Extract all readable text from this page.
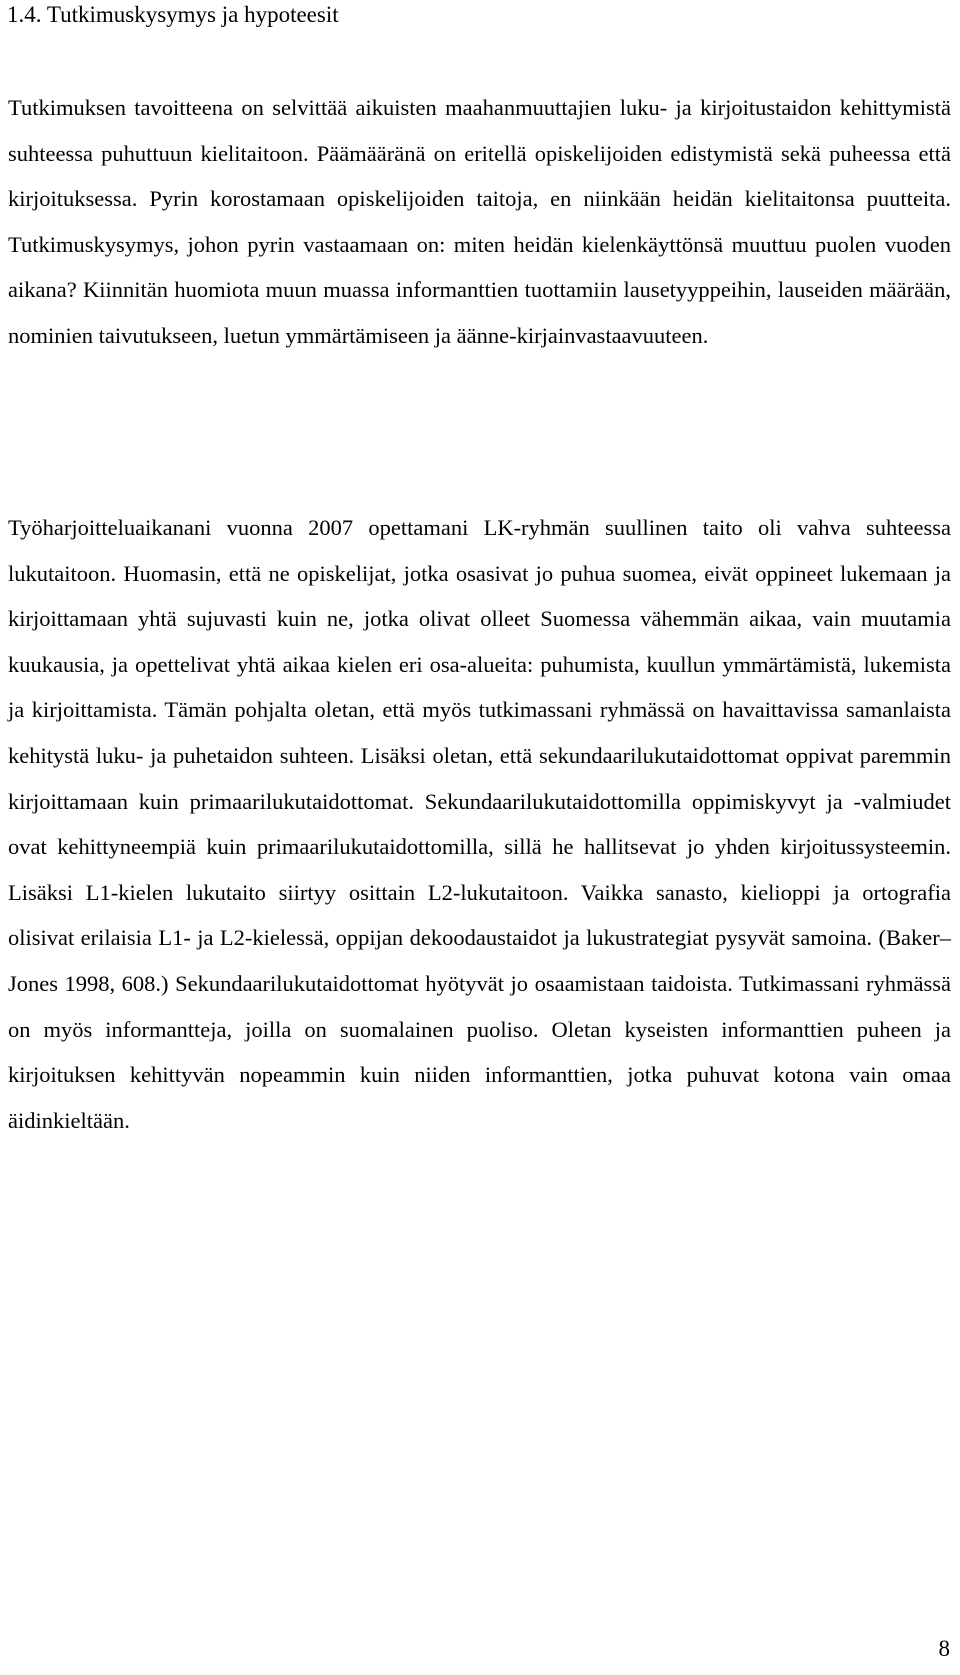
1.4. Tutkimuskysymys ja hypoteesit

Tutkimuksen tavoitteena on selvittää aikuisten maahanmuuttajien luku- ja kirjoitustaidon kehittymistä suhteessa puhuttuun kielitaitoon. Päämääränä on eritellä opiskelijoiden edistymistä sekä puheessa että kirjoituksessa. Pyrin korostamaan opiskelijoiden taitoja, en niinkään heidän kielitaitonsa puutteita. Tutkimuskysymys, johon pyrin vastaamaan on: miten heidän kielenkäyttönsä muuttuu puolen vuoden aikana? Kiinnitän huomiota muun muassa informanttien tuottamiin lausetyyppeihin, lauseiden määrään, nominien taivutukseen, luetun ymmärtämiseen ja äänne-kirjainvastaavuuteen.

Työharjoitteluaikanani vuonna 2007 opettamani LK-ryhmän suullinen taito oli vahva suhteessa lukutaitoon. Huomasin, että ne opiskelijat, jotka osasivat jo puhua suomea, eivät oppineet lukemaan ja kirjoittamaan yhtä sujuvasti kuin ne, jotka olivat olleet Suomessa vähemmän aikaa, vain muutamia kuukausia, ja opettelivat yhtä aikaa kielen eri osa-alueita: puhumista, kuullun ymmärtämistä, lukemista ja kirjoittamista. Tämän pohjalta oletan, että myös tutkimassani ryhmässä on havaittavissa samanlaista kehitystä luku- ja puhetaidon suhteen. Lisäksi oletan, että sekundaarilukutaidottomat oppivat paremmin kirjoittamaan kuin primaarilukutaidottomat. Sekundaarilukutaidottomilla oppimiskyvyt ja -valmiudet ovat kehittyneempiä kuin primaarilukutaidottomilla, sillä he hallitsevat jo yhden kirjoitussysteemin. Lisäksi L1-kielen lukutaito siirtyy osittain L2-lukutaitoon. Vaikka sanasto, kielioppi ja ortografia olisivat erilaisia L1- ja L2-kielessä, oppijan dekoodaustaidot ja lukustrategiat pysyvät samoina. (Baker–Jones 1998, 608.) Sekundaarilukutaidottomat hyötyvät jo osaamistaan taidoista. Tutkimassani ryhmässä on myös informantteja, joilla on suomalainen puoliso. Oletan kyseisten informanttien puheen ja kirjoituksen kehittyvän nopeammin kuin niiden informanttien, jotka puhuvat kotona vain omaa äidinkieltään.

8
